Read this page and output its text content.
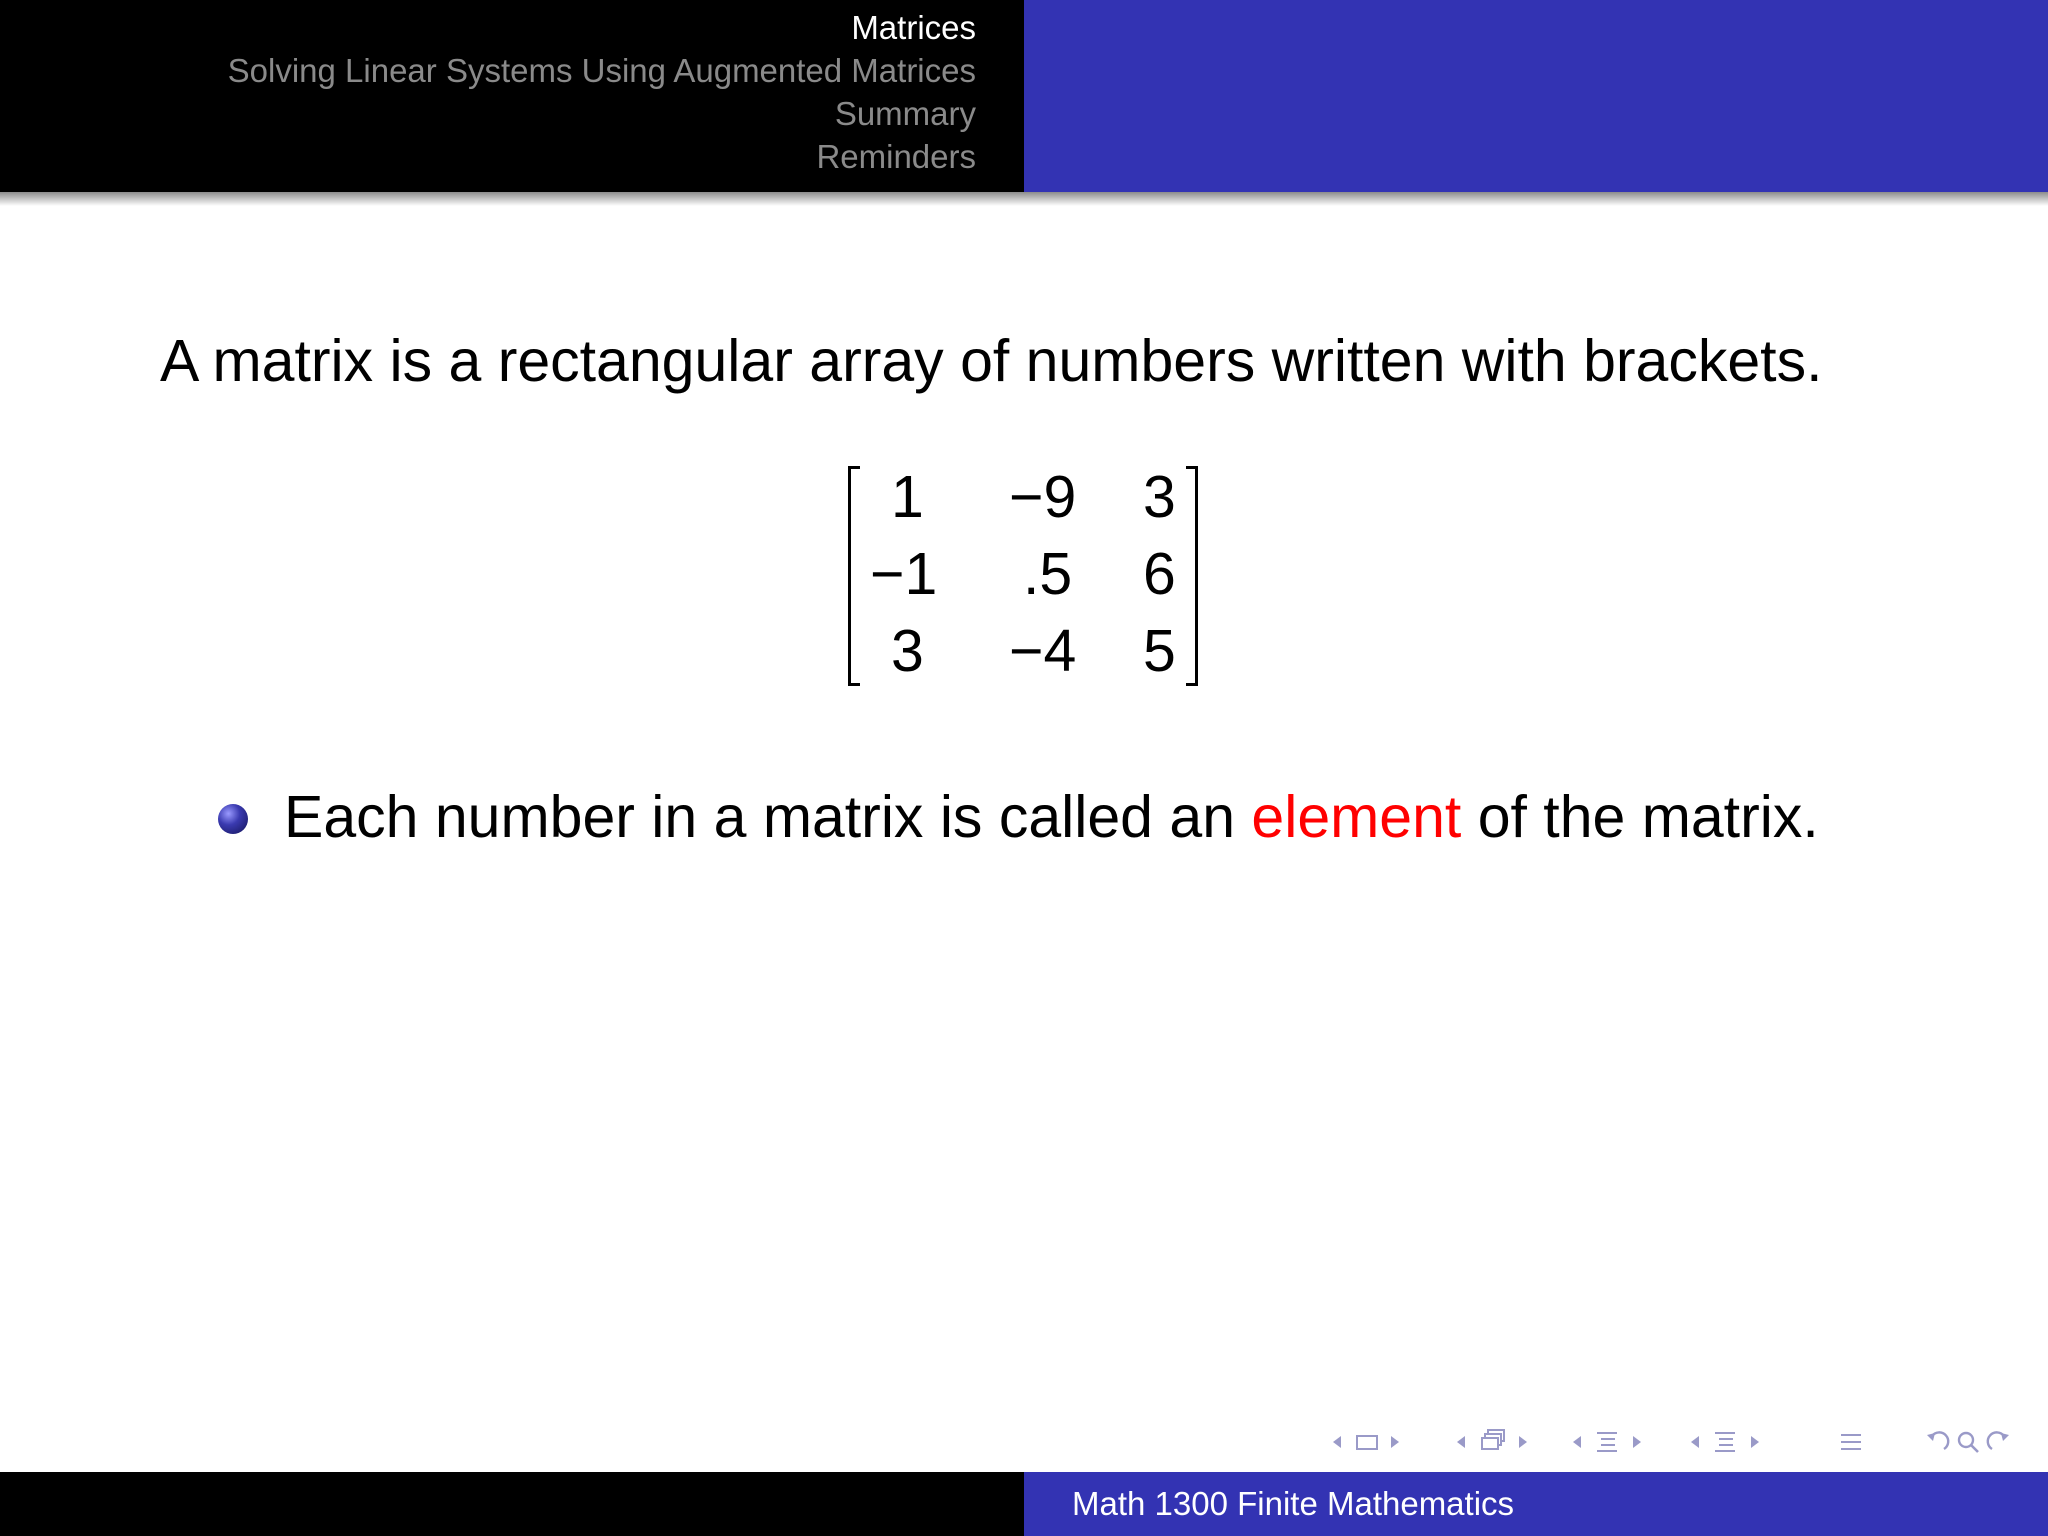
Matrices
Solving Linear Systems Using Augmented Matrices
Summary
Reminders
A matrix is a rectangular array of numbers written with brackets.
1 −9 3
−1 .5 6
3 −4 5
Each number in a matrix is called an element of the matrix.
Math 1300 Finite Mathematics
